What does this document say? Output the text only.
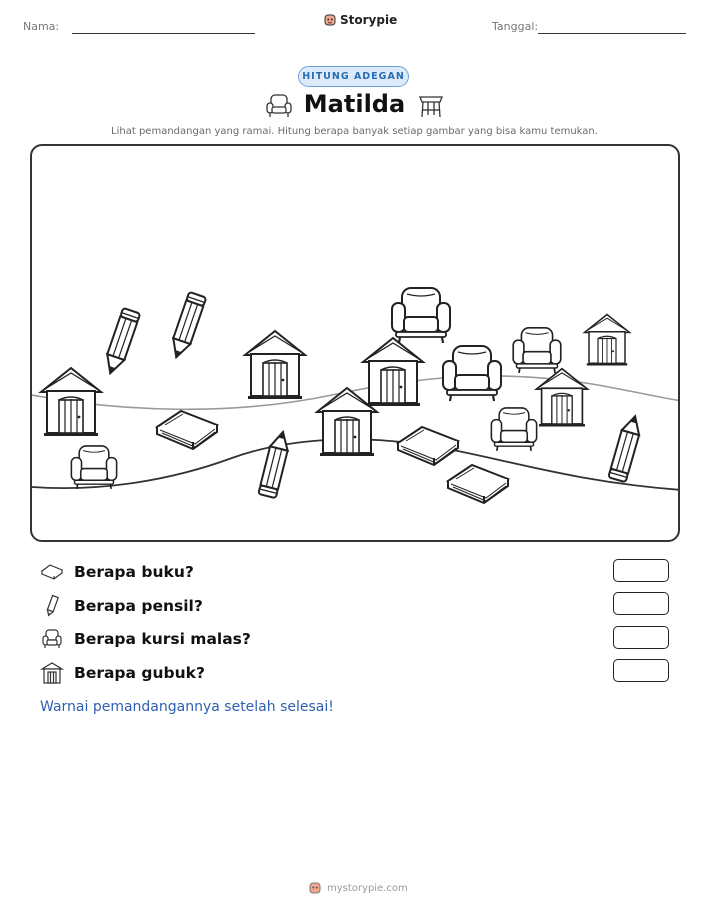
Nama:	Storypie	Tanggal:
HITUNG ADEGAN
Matilda
Lihat pemandangan yang ramai. Hitung berapa banyak setiap gambar yang bisa kamu temukan.
Berapa buku?
Berapa pensil?
Berapa kursi malas?
Berapa gubuk?
Warnai pemandangannya setelah selesai!
mystorypie.com
